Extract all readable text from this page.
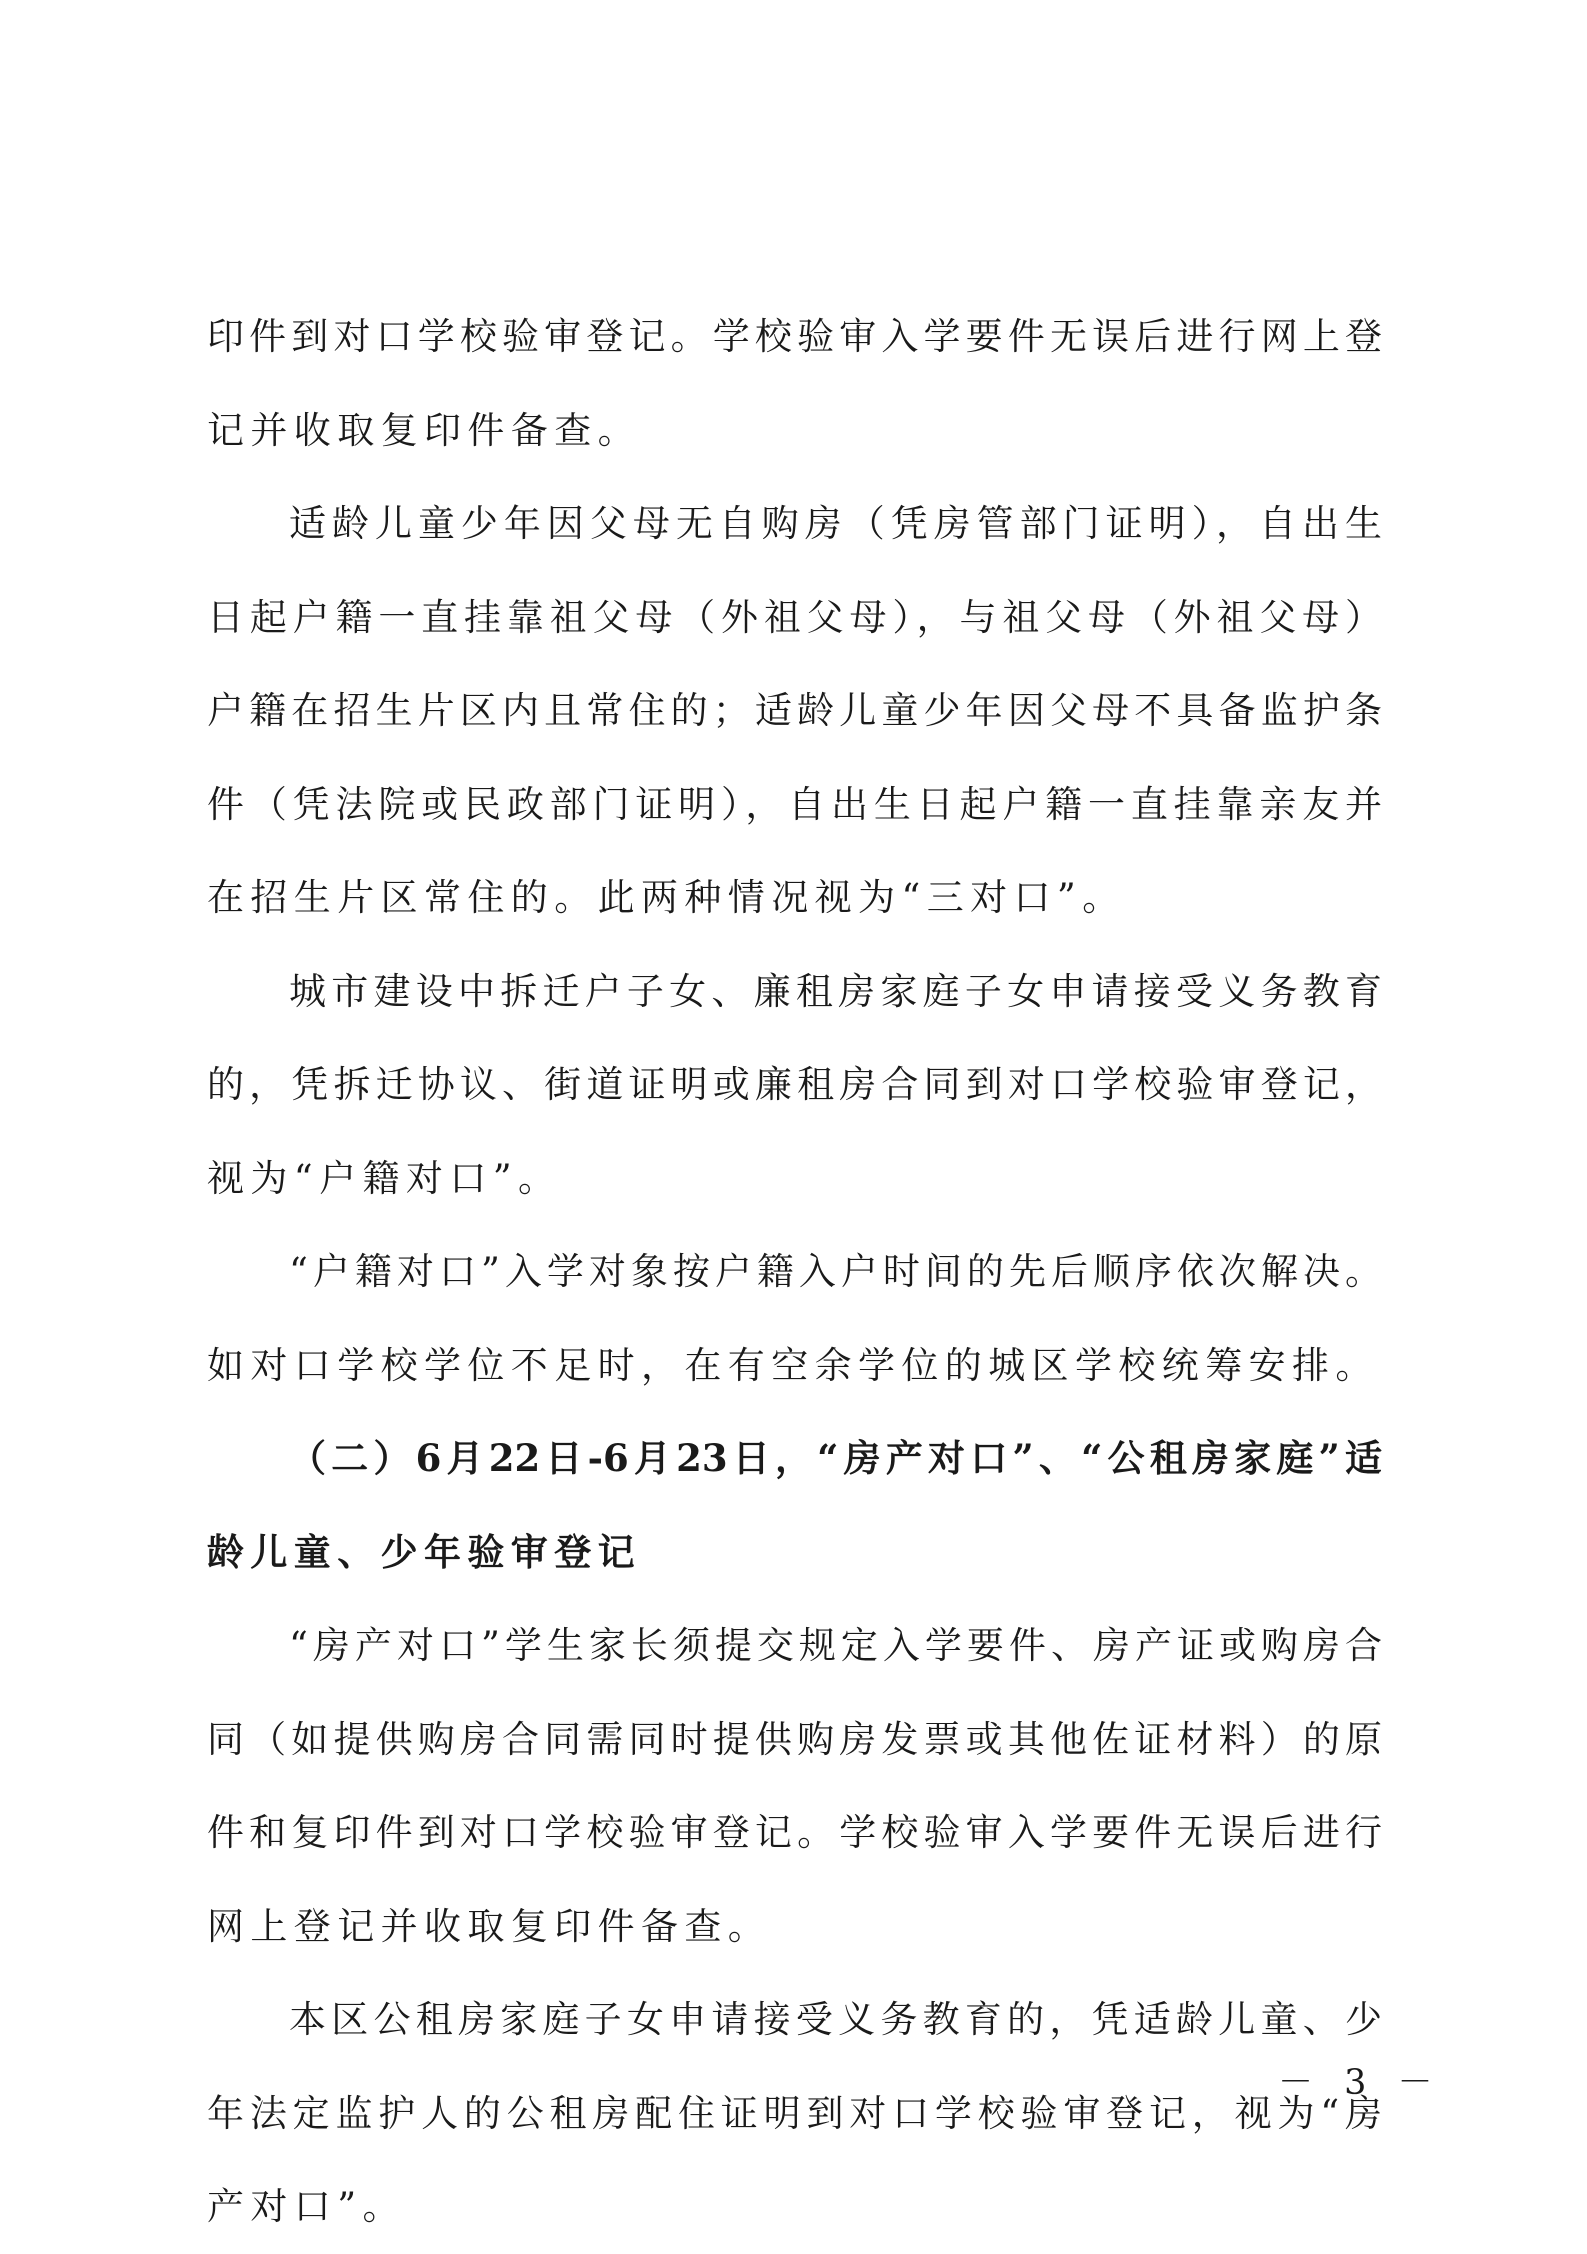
印件到对口学校验审登记。学校验审入学要件无误后进行网上登
记并收取复印件备查。
适龄儿童少年因父母无自购房（凭房管部门证明），自出生
日起户籍一直挂靠祖父母（外祖父母），与祖父母（外祖父母）
户籍在招生片区内且常住的；适龄儿童少年因父母不具备监护条
件（凭法院或民政部门证明），自出生日起户籍一直挂靠亲友并
在招生片区常住的。此两种情况视为“三对口”。
城市建设中拆迁户子女、廉租房家庭子女申请接受义务教育
的，凭拆迁协议、街道证明或廉租房合同到对口学校验审登记，
视为“户籍对口”。
“户籍对口”入学对象按户籍入户时间的先后顺序依次解决。
如对口学校学位不足时，在有空余学位的城区学校统筹安排。
（二）6月22日-6月23日，“房产对口”、“公租房家庭”适
龄儿童、少年验审登记
“房产对口”学生家长须提交规定入学要件、房产证或购房合
同（如提供购房合同需同时提供购房发票或其他佐证材料）的原
件和复印件到对口学校验审登记。学校验审入学要件无误后进行
网上登记并收取复印件备查。
本区公租房家庭子女申请接受义务教育的，凭适龄儿童、少
年法定监护人的公租房配住证明到对口学校验审登记，视为“房
产对口”。
－ 3 －
